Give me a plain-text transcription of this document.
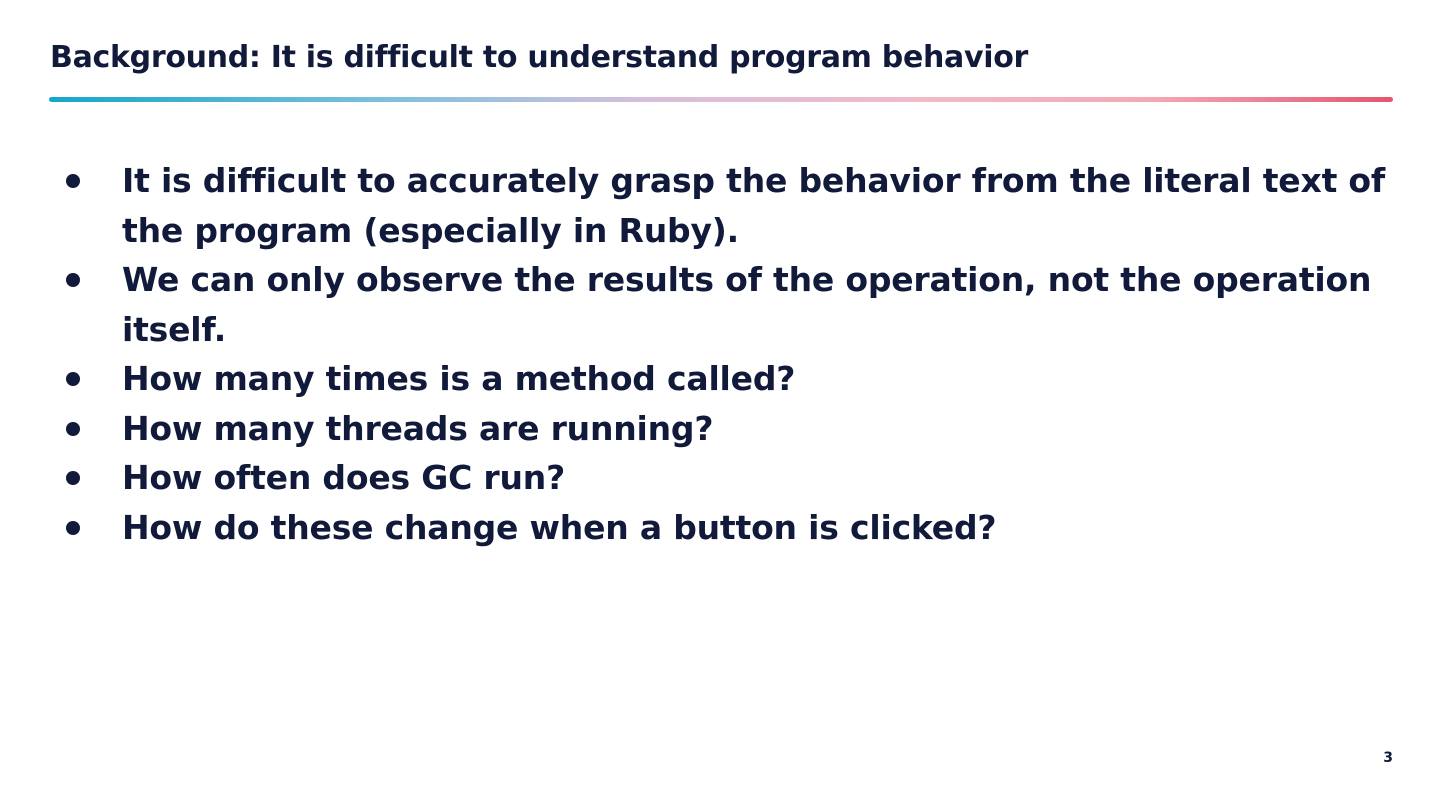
Background: It is difficult to understand program behavior
It is difficult to accurately grasp the behavior from the literal text of the program (especially in Ruby).
We can only observe the results of the operation, not the operation itself.
How many times is a method called?
How many threads are running?
How often does GC run?
How do these change when a button is clicked?
3
